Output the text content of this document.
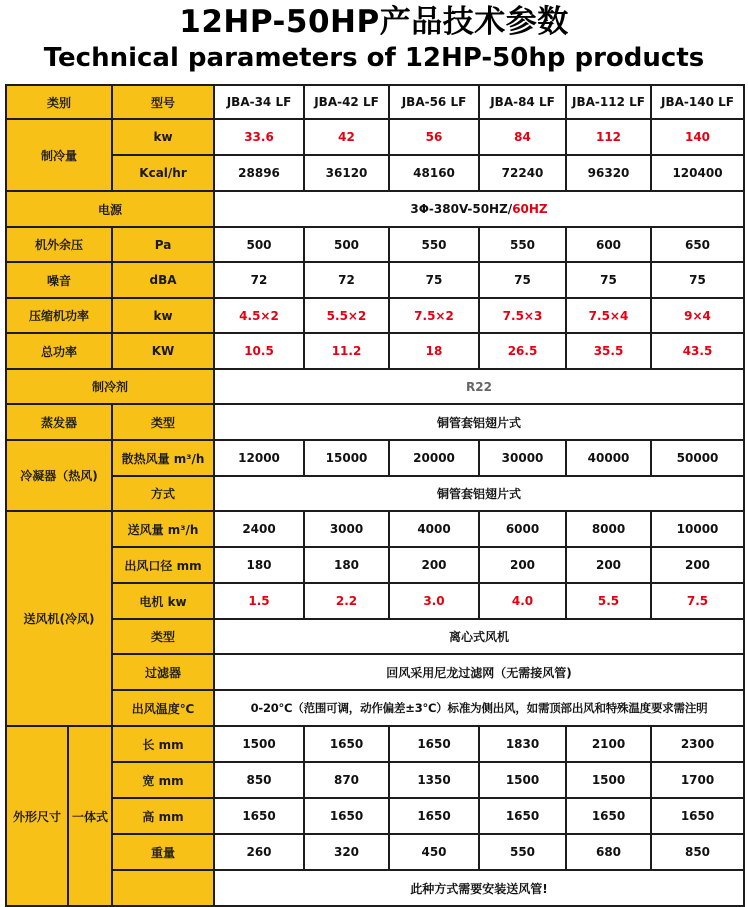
12HP-50HP产品技术参数
Technical parameters of 12HP-50hp products
类别		型号	JBA-34 LF	JBA-42 LF	JBA-56 LF	JBA-84 LF	JBA-112 LF	JBA-140 LF
制冷量		kw	33.6	42	56	84	112	140
		Kcal/hr	28896	36120	48160	72240	96320	120400
电源			3Φ-380V-50HZ/60HZ					
机外余压		Pa	500	500	550	550	600	650
噪音		dBA	72	72	75	75	75	75
压缩机功率		kw	4.5×2	5.5×2	7.5×2	7.5×3	7.5×4	9×4
总功率		KW	10.5	11.2	18	26.5	35.5	43.5
制冷剂			R22					
蒸发器		类型	铜管套铝翅片式					
冷凝器（热风)		散热风量 m³/h	12000	15000	20000	30000	40000	50000
		方式	铜管套铝翅片式					
送风机(冷风)		送风量 m³/h	2400	3000	4000	6000	8000	10000
		出风口径 mm	180	180	200	200	200	200
		电机 kw	1.5	2.2	3.0	4.0	5.5	7.5
		类型	离心式风机					
		过滤器	回风采用尼龙过滤网（无需接风管)					
		出风温度℃	0-20℃（范围可调，动作偏差±3℃）标准为侧出风，如需顶部出风和特殊温度要求需注明					
外形尺寸	一体式	长 mm	1500	1650	1650	1830	2100	2300
		宽 mm	850	870	1350	1500	1500	1700
		高 mm	1650	1650	1650	1650	1650	1650
		重量	260	320	450	550	680	850
			此种方式需要安装送风管!					
